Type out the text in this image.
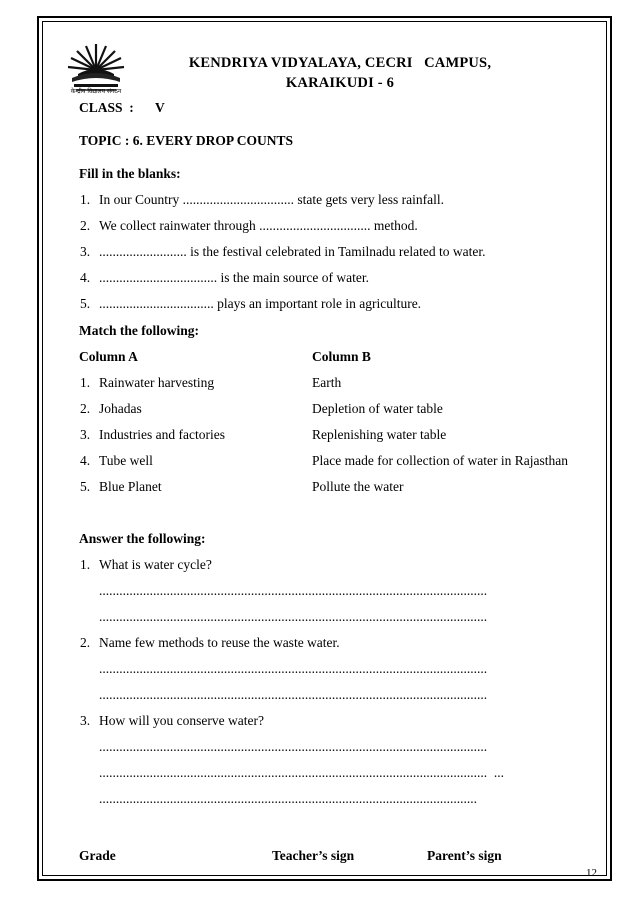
केन्द्रीय विद्यालय संगठन
KENDRIYA VIDYALAYA, CECRI   CAMPUS,
KARAIKUDI - 6
CLASS  : V
TOPIC : 6. EVERY DROP COUNTS
Fill in the blanks:
1. In our Country ................................. state gets very less rainfall.
2. We collect rainwater through ................................. method.
3. .......................... is the festival celebrated in Tamilnadu related to water.
4. ................................... is the main source of water.
5. .................................. plays an important role in agriculture.
Match the following:
Column A	Column B
1. Rainwater harvesting	Earth
2. Johadas	Depletion of water table
3. Industries and factories	Replenishing water table
4. Tube well	Place made for collection of water in Rajasthan
5. Blue Planet	Pollute the water
Answer the following:
1. What is water cycle?
...................................................................................................................
...................................................................................................................
2. Name few methods to reuse the waste water.
...................................................................................................................
...................................................................................................................
3. How will you conserve water?
...................................................................................................................
...................................................................................................................  ...
................................................................................................................
Grade	Teacher’s sign	Parent’s sign
12
